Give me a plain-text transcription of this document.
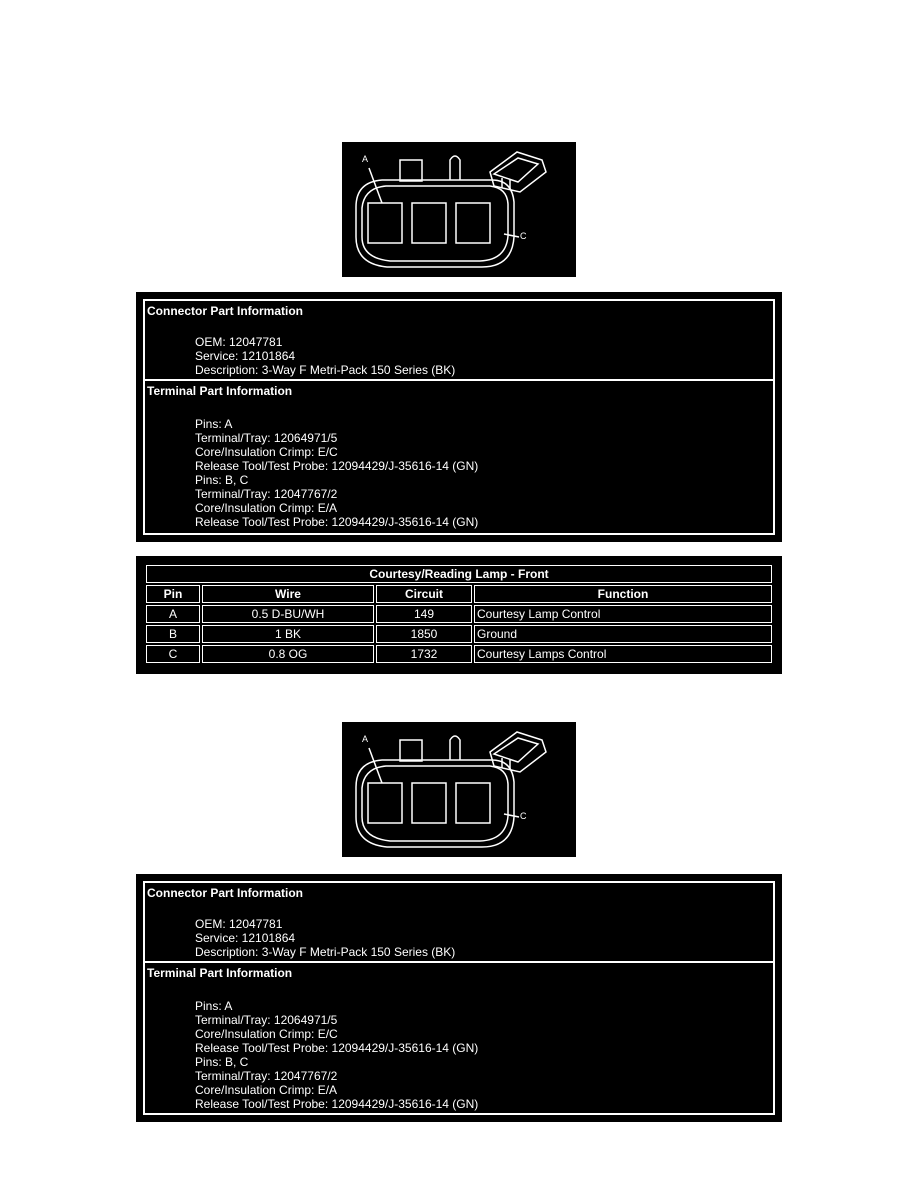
A
C
Connector Part Information
OEM: 12047781
Service: 12101864
Description: 3-Way F Metri-Pack 150 Series (BK)
Terminal Part Information
Pins: A
Terminal/Tray: 12064971/5
Core/Insulation Crimp: E/C
Release Tool/Test Probe: 12094429/J-35616-14 (GN)
Pins: B, C
Terminal/Tray: 12047767/2
Core/Insulation Crimp: E/A
Release Tool/Test Probe: 12094429/J-35616-14 (GN)
Courtesy/Reading Lamp - Front			
Pin	Wire	Circuit	Function
A	0.5 D-BU/WH	149	Courtesy Lamp Control
B	1 BK	1850	Ground
C	0.8 OG	1732	Courtesy Lamps Control
A
C
Connector Part Information
OEM: 12047781
Service: 12101864
Description: 3-Way F Metri-Pack 150 Series (BK)
Terminal Part Information
Pins: A
Terminal/Tray: 12064971/5
Core/Insulation Crimp: E/C
Release Tool/Test Probe: 12094429/J-35616-14 (GN)
Pins: B, C
Terminal/Tray: 12047767/2
Core/Insulation Crimp: E/A
Release Tool/Test Probe: 12094429/J-35616-14 (GN)
